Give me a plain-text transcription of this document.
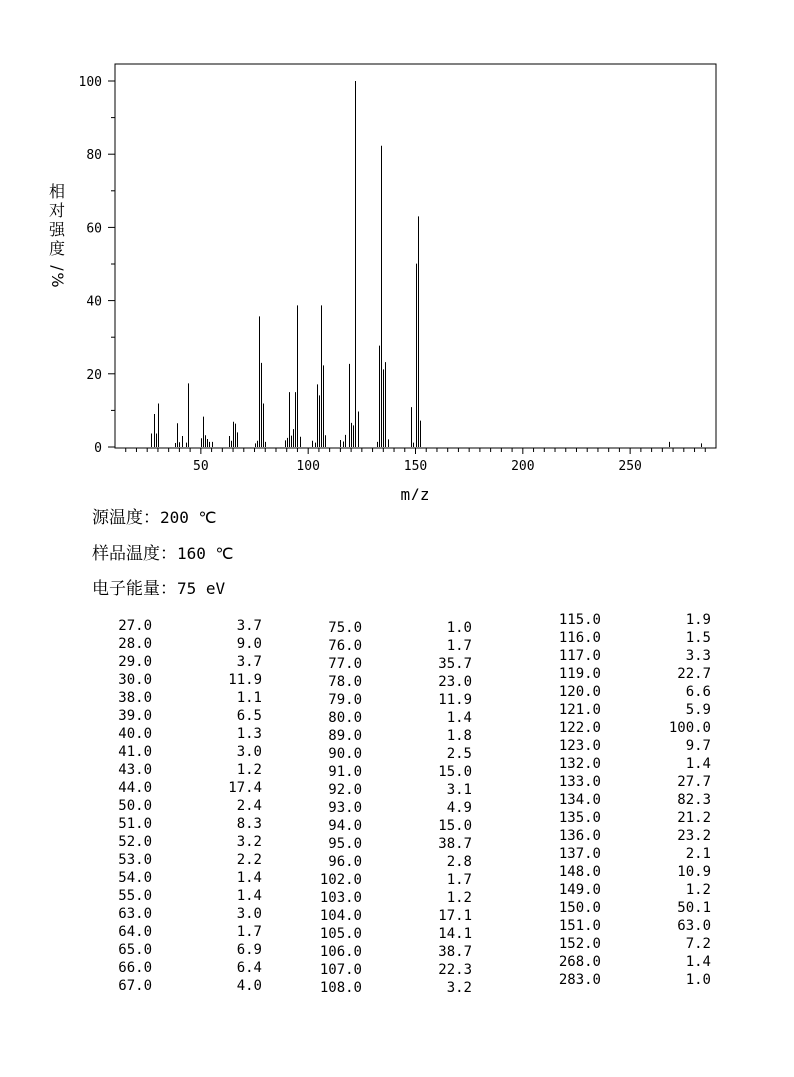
50	100	150	200	250
0
20
40
60
80
100
m/z
相
对
强
度
/
%
源温度：200 ℃
样品温度：160 ℃
电子能量：75 eV
27.0	3.7
28.0	9.0
29.0	3.7
30.0	11.9
38.0	1.1
39.0	6.5
40.0	1.3
41.0	3.0
43.0	1.2
44.0	17.4
50.0	2.4
51.0	8.3
52.0	3.2
53.0	2.2
54.0	1.4
55.0	1.4
63.0	3.0
64.0	1.7
65.0	6.9
66.0	6.4
67.0	4.0
75.0	1.0
76.0	1.7
77.0	35.7
78.0	23.0
79.0	11.9
80.0	1.4
89.0	1.8
90.0	2.5
91.0	15.0
92.0	3.1
93.0	4.9
94.0	15.0
95.0	38.7
96.0	2.8
102.0	1.7
103.0	1.2
104.0	17.1
105.0	14.1
106.0	38.7
107.0	22.3
108.0	3.2
115.0	1.9
116.0	1.5
117.0	3.3
119.0	22.7
120.0	6.6
121.0	5.9
122.0	100.0
123.0	9.7
132.0	1.4
133.0	27.7
134.0	82.3
135.0	21.2
136.0	23.2
137.0	2.1
148.0	10.9
149.0	1.2
150.0	50.1
151.0	63.0
152.0	7.2
268.0	1.4
283.0	1.0
